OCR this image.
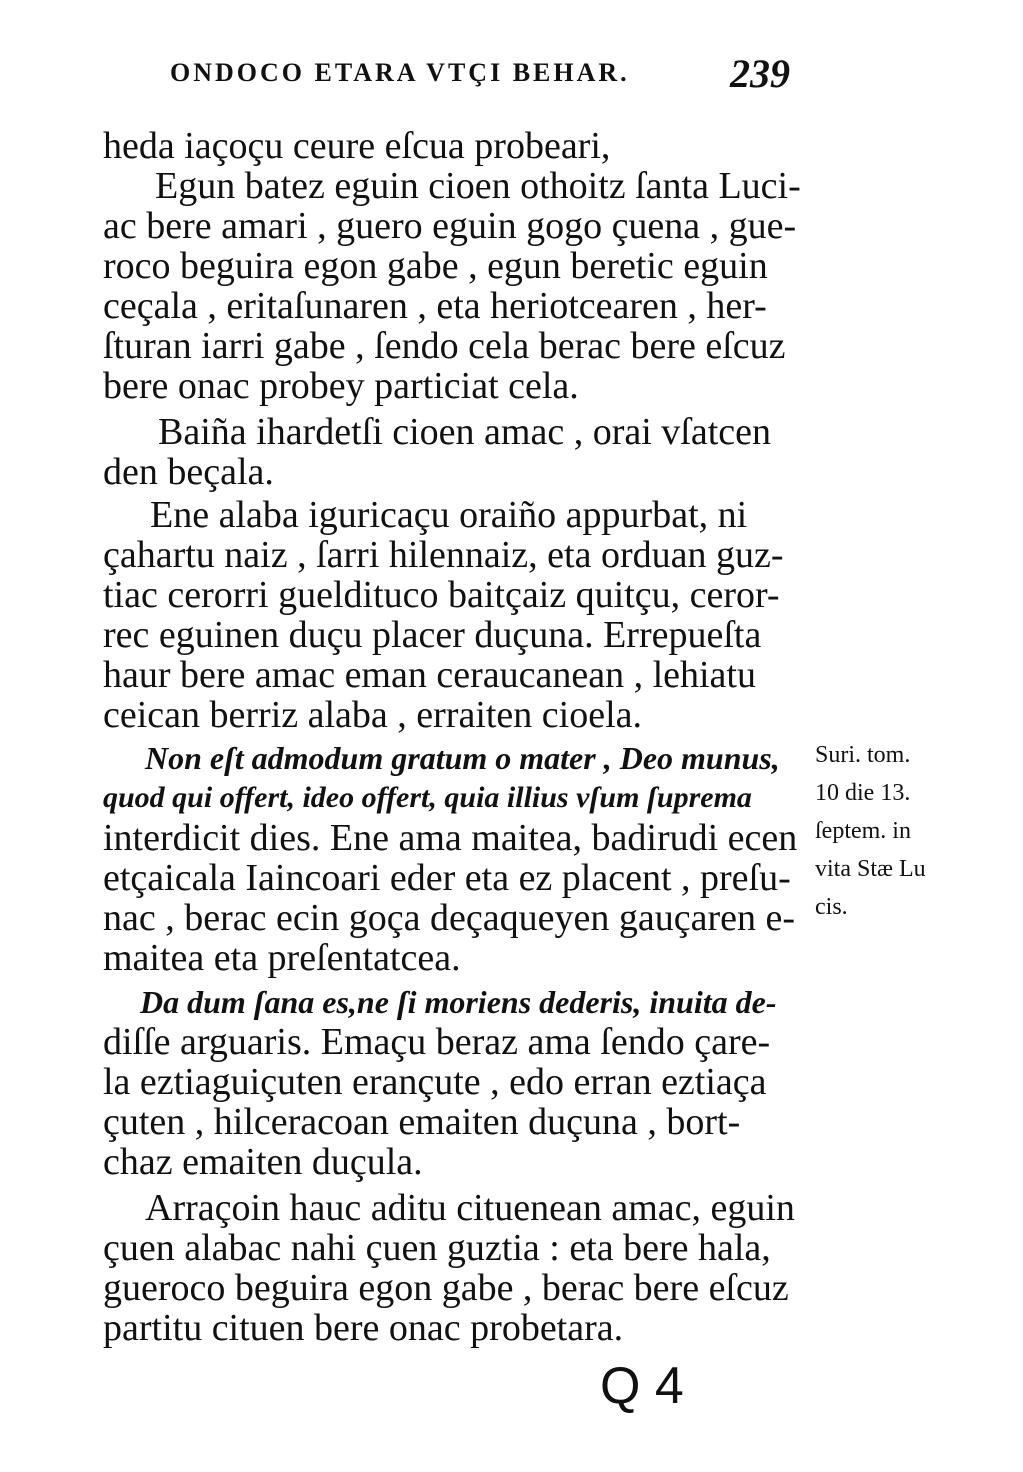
ONDOCO ETARA VTÇI BEHAR.	239
heda iaçoçu ceure eſcua probeari,
Egun batez eguin cioen othoitz ſanta Luci-
ac bere amari , guero eguin gogo çuena , gue-
roco beguira egon gabe , egun beretic eguin
ceçala , eritaſunaren , eta heriotcearen , her-
ſturan iarri gabe , ſendo cela berac bere eſcuz
bere onac probey particiat cela.
Baiña ihardetſi cioen amac , orai vſatcen
den beçala.
Ene alaba iguricaçu oraiño appurbat, ni
çahartu naiz , ſarri hilennaiz, eta orduan guz-
tiac cerorri gueldituco baitçaiz quitçu, ceror-
rec eguinen duçu placer duçuna. Errepueſta
haur bere amac eman ceraucanean , lehiatu
ceican berriz alaba , erraiten cioela.
Non eſt admodum gratum o mater , Deo munus,
quod qui offert, ideo offert, quia illius vſum ſuprema
interdicit dies. Ene ama maitea, badirudi ecen
etçaicala Iaincoari eder eta ez placent , preſu-
nac , berac ecin goça deçaqueyen gauçaren e-
maitea eta preſentatcea.
Da dum ſana es,ne ſi moriens dederis, inuita de-
diſſe arguaris. Emaçu beraz ama ſendo çare-
la eztiaguiçuten erançute , edo erran eztiaça
çuten , hilceracoan emaiten duçuna , bort-
chaz emaiten duçula.
Arraçoin hauc aditu cituenean amac, eguin
çuen alabac nahi çuen guztia : eta bere hala,
gueroco beguira egon gabe , berac bere eſcuz
partitu cituen bere onac probetara.
Suri. tom.
10 die 13.
ſeptem. in
vita Stæ Lu
cis.
Q 4
